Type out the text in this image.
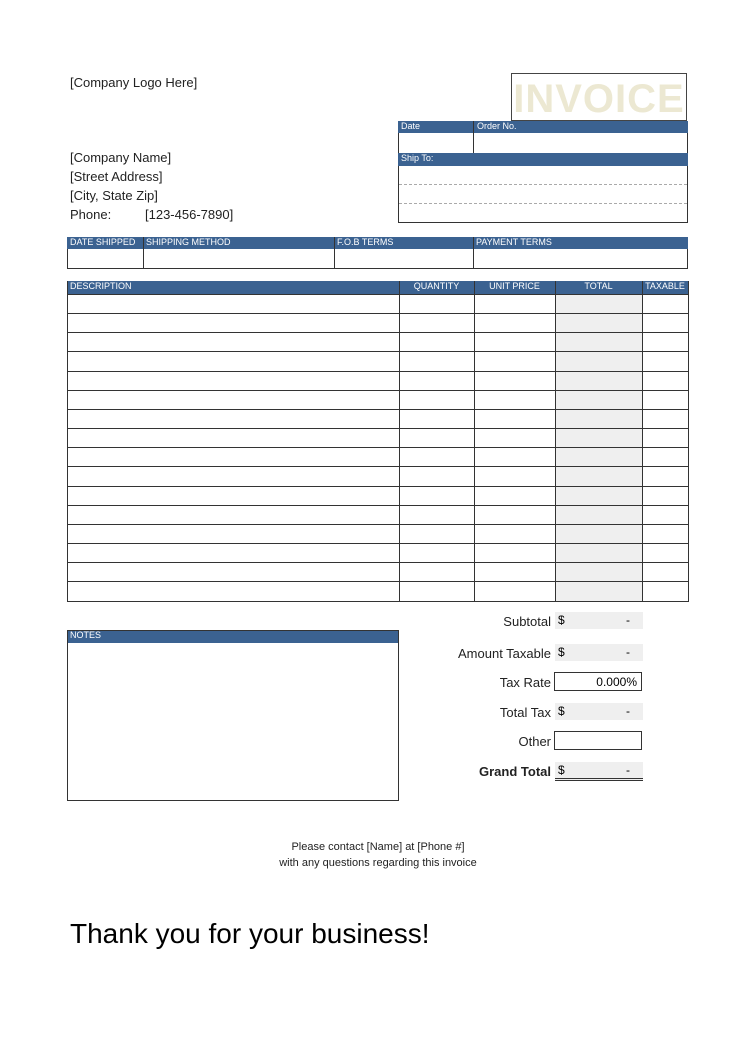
[Company Logo Here]
[Company Name]
[Street Address]
[City, State Zip]
Phone:	[123-456-7890]
INVOICE
Date	Order No.
Ship To:
DATE SHIPPED	SHIPPING METHOD	F.O.B TERMS	PAYMENT TERMS
DESCRIPTION	QUANTITY	UNIT PRICE	TOTAL	TAXABLE
NOTES
Subtotal $	-
Amount Taxable $	-
Tax Rate	0.000%
Total Tax $	-
Other
Grand Total $	-
Please contact [Name] at [Phone #]
with any questions regarding this invoice
Thank you for your business!
